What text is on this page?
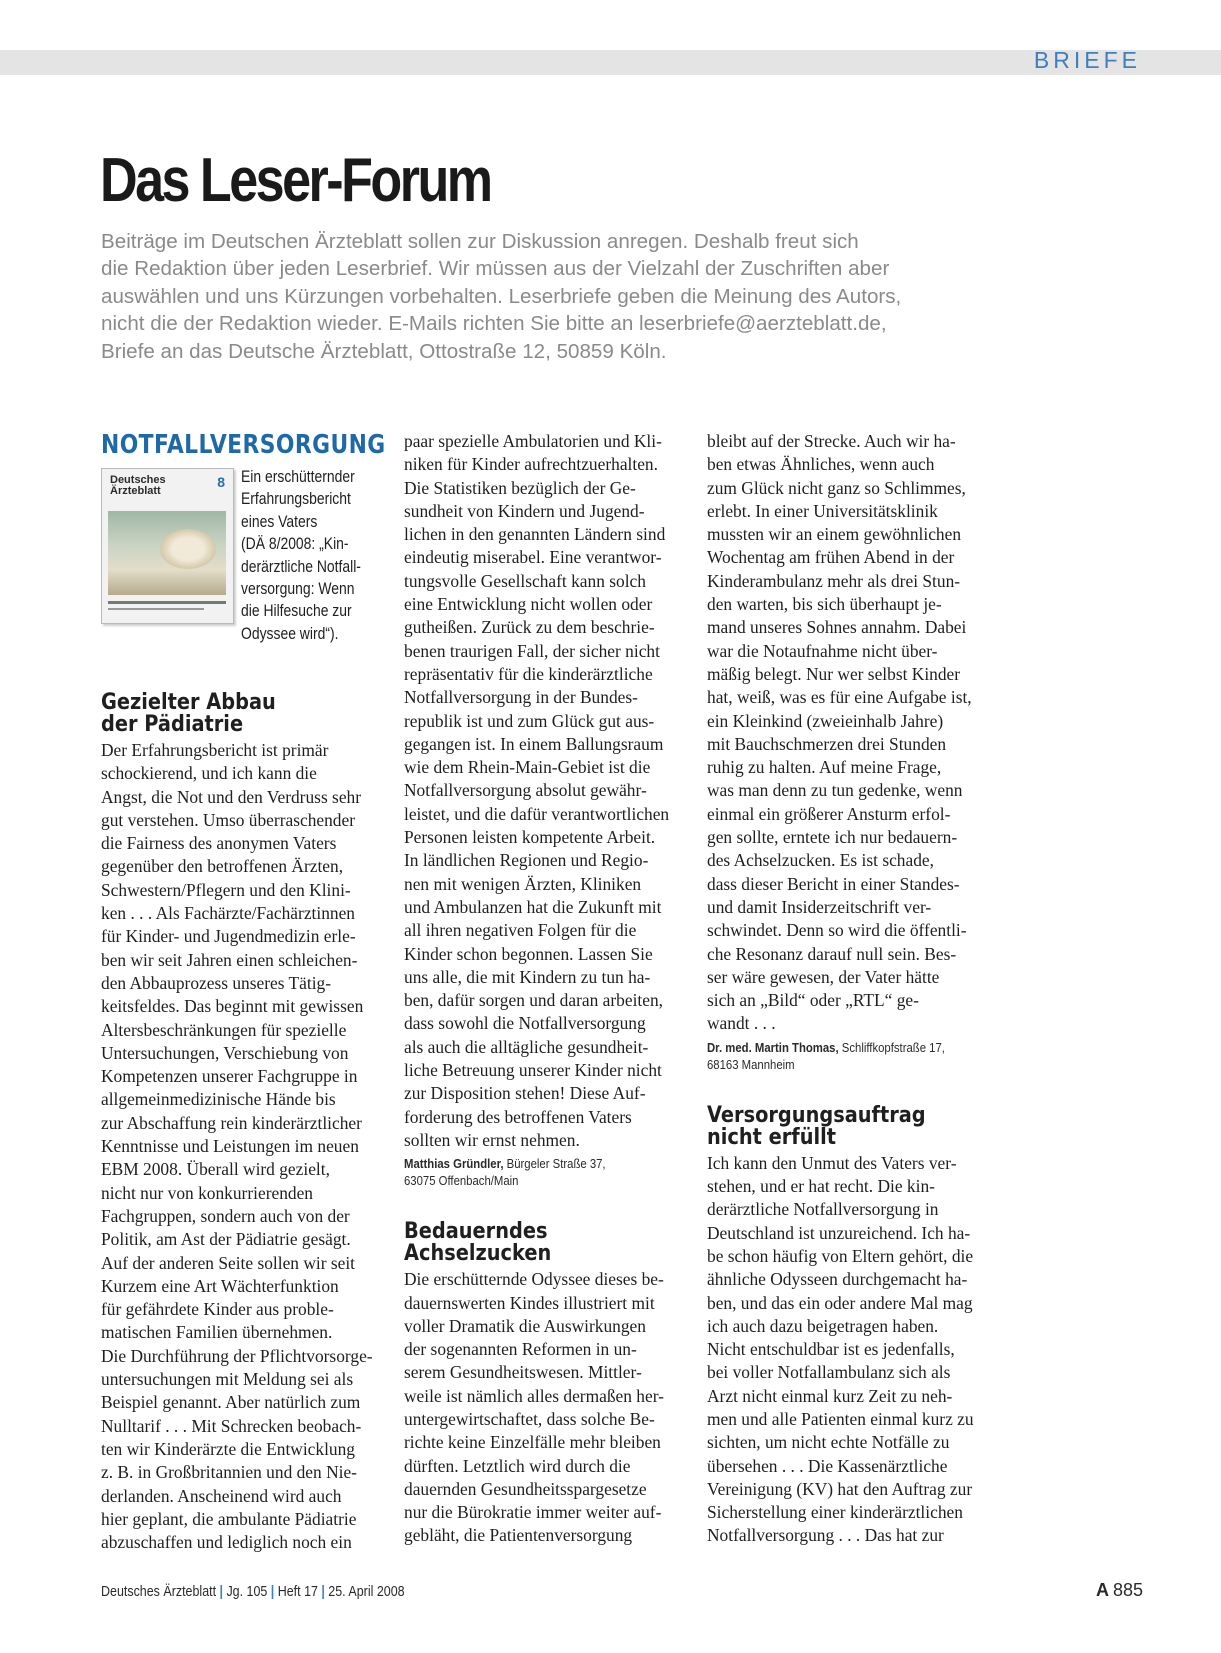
BRIEFE
Das Leser-Forum
Beiträge im Deutschen Ärzteblatt sollen zur Diskussion anregen. Deshalb freut sich
die Redaktion über jeden Leserbrief. Wir müssen aus der Vielzahl der Zuschriften aber
auswählen und uns Kürzungen vorbehalten. Leserbriefe geben die Meinung des Autors,
nicht die der Redaktion wieder. E-Mails richten Sie bitte an leserbriefe@aerzteblatt.de,
Briefe an das Deutsche Ärzteblatt, Ottostraße 12, 50859 Köln.
NOTFALLVERSORGUNG
Deutsches Ärzteblatt
8 Ein erschütternder
Erfahrungsbericht
eines Vaters
(DÄ 8/2008: „Kin-
derärztliche Notfall-
versorgung: Wenn
die Hilfesuche zur
Odyssee wird“).
Gezielter Abbau
der Pädiatrie
Der Erfahrungsbericht ist primär
schockierend, und ich kann die
Angst, die Not und den Verdruss sehr
gut verstehen. Umso überraschender
die Fairness des anonymen Vaters
gegenüber den betroffenen Ärzten,
Schwestern/Pflegern und den Klini-
ken . . . Als Fachärzte/Fachärztinnen
für Kinder- und Jugendmedizin erle-
ben wir seit Jahren einen schleichen-
den Abbauprozess unseres Tätig-
keitsfeldes. Das beginnt mit gewissen
Altersbeschränkungen für spezielle
Untersuchungen, Verschiebung von
Kompetenzen unserer Fachgruppe in
allgemeinmedizinische Hände bis
zur Abschaffung rein kinderärztlicher
Kenntnisse und Leistungen im neuen
EBM 2008. Überall wird gezielt,
nicht nur von konkurrierenden
Fachgruppen, sondern auch von der
Politik, am Ast der Pädiatrie gesägt.
Auf der anderen Seite sollen wir seit
Kurzem eine Art Wächterfunktion
für gefährdete Kinder aus proble-
matischen Familien übernehmen.
Die Durchführung der Pflichtvorsorge-
untersuchungen mit Meldung sei als
Beispiel genannt. Aber natürlich zum
Nulltarif . . . Mit Schrecken beobach-
ten wir Kinderärzte die Entwicklung
z. B. in Großbritannien und den Nie-
derlanden. Anscheinend wird auch
hier geplant, die ambulante Pädiatrie
abzuschaffen und lediglich noch ein
paar spezielle Ambulatorien und Kli-
niken für Kinder aufrechtzuerhalten.
Die Statistiken bezüglich der Ge-
sundheit von Kindern und Jugend-
lichen in den genannten Ländern sind
eindeutig miserabel. Eine verantwor-
tungsvolle Gesellschaft kann solch
eine Entwicklung nicht wollen oder
gutheißen. Zurück zu dem beschrie-
benen traurigen Fall, der sicher nicht
repräsentativ für die kinderärztliche
Notfallversorgung in der Bundes-
republik ist und zum Glück gut aus-
gegangen ist. In einem Ballungsraum
wie dem Rhein-Main-Gebiet ist die
Notfallversorgung absolut gewähr-
leistet, und die dafür verantwortlichen
Personen leisten kompetente Arbeit.
In ländlichen Regionen und Regio-
nen mit wenigen Ärzten, Kliniken
und Ambulanzen hat die Zukunft mit
all ihren negativen Folgen für die
Kinder schon begonnen. Lassen Sie
uns alle, die mit Kindern zu tun ha-
ben, dafür sorgen und daran arbeiten,
dass sowohl die Notfallversorgung
als auch die alltägliche gesundheit-
liche Betreuung unserer Kinder nicht
zur Disposition stehen! Diese Auf-
forderung des betroffenen Vaters
sollten wir ernst nehmen.
Matthias Gründler, Bürgeler Straße 37,
63075 Offenbach/Main
Bedauerndes
Achselzucken
Die erschütternde Odyssee dieses be-
dauernswerten Kindes illustriert mit
voller Dramatik die Auswirkungen
der sogenannten Reformen in un-
serem Gesundheitswesen. Mittler-
weile ist nämlich alles dermaßen her-
untergewirtschaftet, dass solche Be-
richte keine Einzelfälle mehr bleiben
dürften. Letztlich wird durch die
dauernden Gesundheitsspargesetze
nur die Bürokratie immer weiter auf-
gebläht, die Patientenversorgung
bleibt auf der Strecke. Auch wir ha-
ben etwas Ähnliches, wenn auch
zum Glück nicht ganz so Schlimmes,
erlebt. In einer Universitätsklinik
mussten wir an einem gewöhnlichen
Wochentag am frühen Abend in der
Kinderambulanz mehr als drei Stun-
den warten, bis sich überhaupt je-
mand unseres Sohnes annahm. Dabei
war die Notaufnahme nicht über-
mäßig belegt. Nur wer selbst Kinder
hat, weiß, was es für eine Aufgabe ist,
ein Kleinkind (zweieinhalb Jahre)
mit Bauchschmerzen drei Stunden
ruhig zu halten. Auf meine Frage,
was man denn zu tun gedenke, wenn
einmal ein größerer Ansturm erfol-
gen sollte, erntete ich nur bedauern-
des Achselzucken. Es ist schade,
dass dieser Bericht in einer Standes-
und damit Insiderzeitschrift ver-
schwindet. Denn so wird die öffentli-
che Resonanz darauf null sein. Bes-
ser wäre gewesen, der Vater hätte
sich an „Bild“ oder „RTL“ ge-
wandt . . .
Dr. med. Martin Thomas, Schliffkopfstraße 17,
68163 Mannheim
Versorgungsauftrag
nicht erfüllt
Ich kann den Unmut des Vaters ver-
stehen, und er hat recht. Die kin-
derärztliche Notfallversorgung in
Deutschland ist unzureichend. Ich ha-
be schon häufig von Eltern gehört, die
ähnliche Odysseen durchgemacht ha-
ben, und das ein oder andere Mal mag
ich auch dazu beigetragen haben.
Nicht entschuldbar ist es jedenfalls,
bei voller Notfallambulanz sich als
Arzt nicht einmal kurz Zeit zu neh-
men und alle Patienten einmal kurz zu
sichten, um nicht echte Notfälle zu
übersehen . . . Die Kassenärztliche
Vereinigung (KV) hat den Auftrag zur
Sicherstellung einer kinderärztlichen
Notfallversorgung . . . Das hat zur
Deutsches Ärzteblatt | Jg. 105 | Heft 17 | 25. April 2008	A 885
